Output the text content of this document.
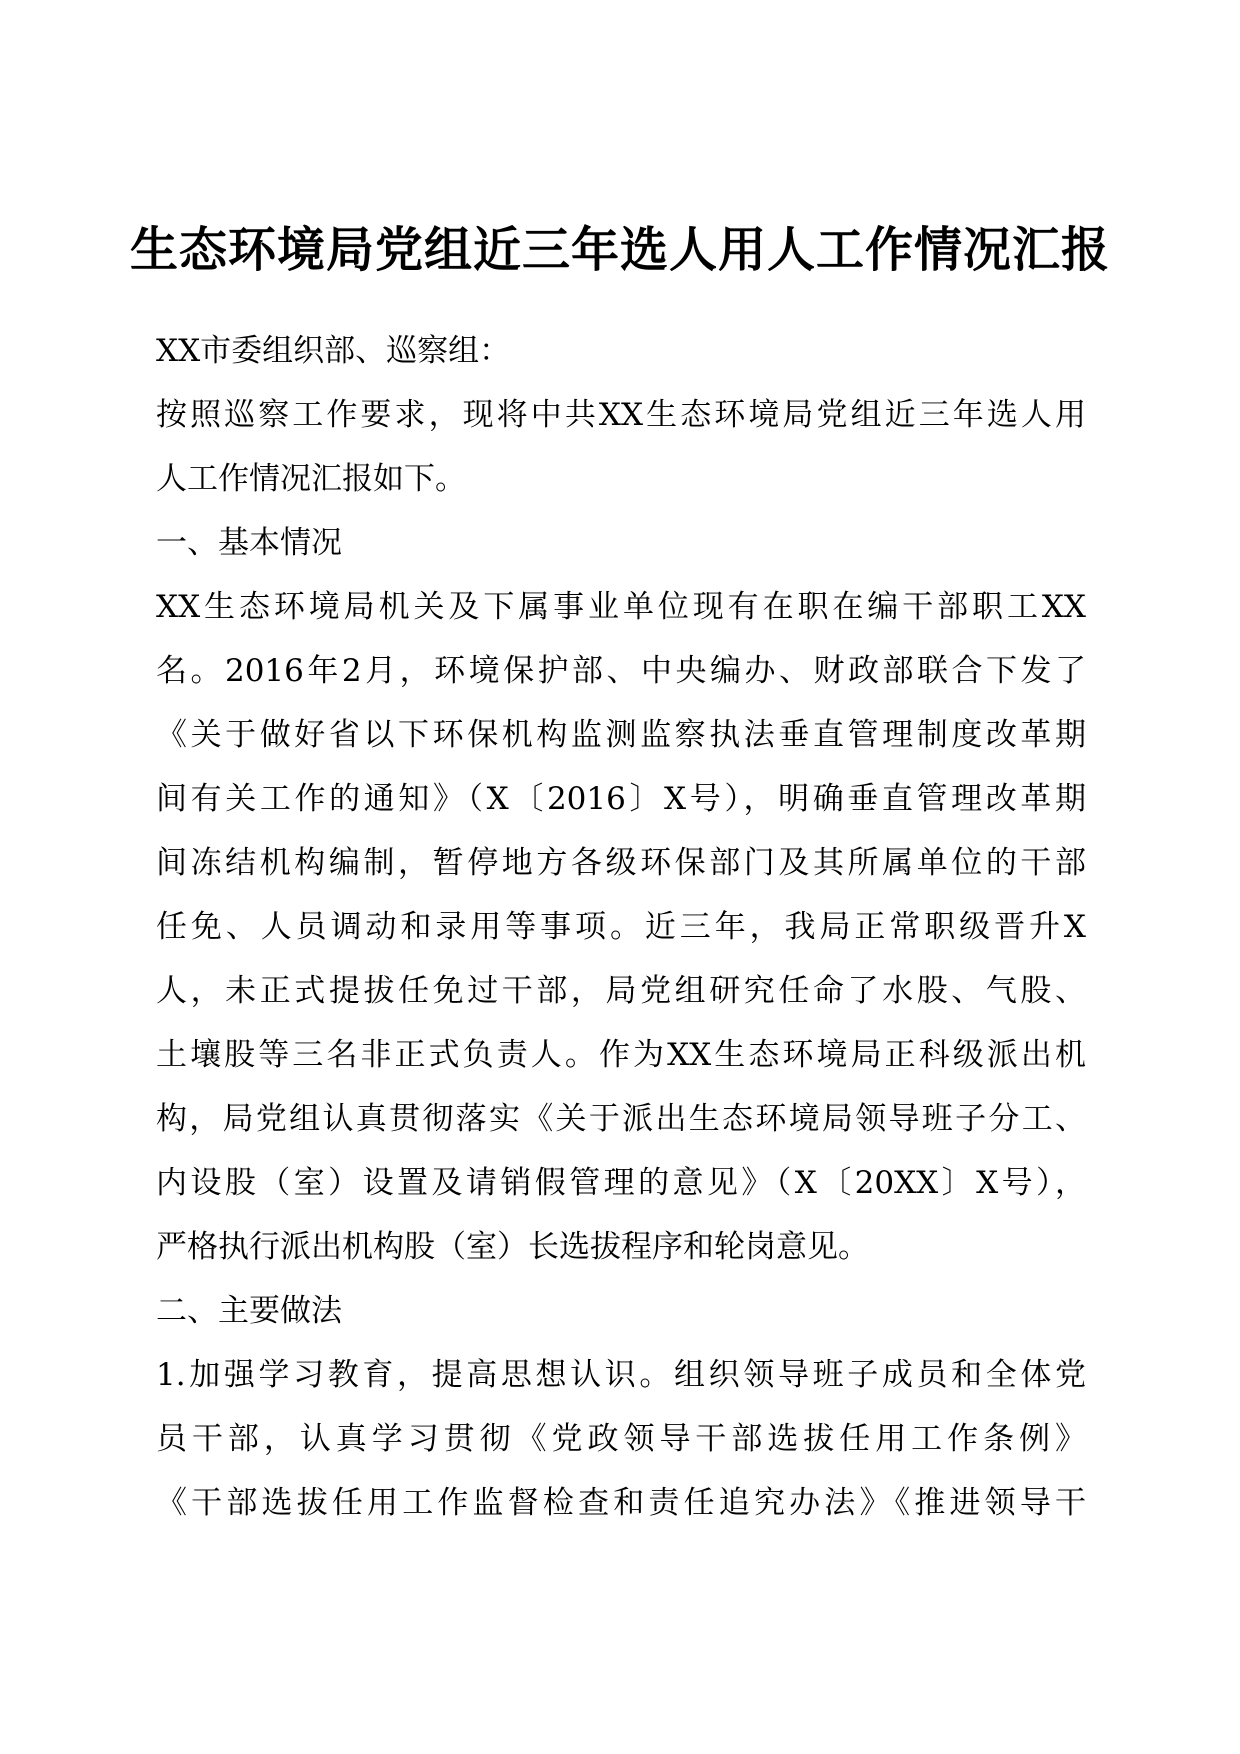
生态环境局党组近三年选人用人工作情况汇报
XX市委组织部、巡察组：
按照巡察工作要求，现将中共XX生态环境局党组近三年选人用
人工作情况汇报如下。
一、基本情况
XX生态环境局机关及下属事业单位现有在职在编干部职工XX
名。2016年2月，环境保护部、中央编办、财政部联合下发了
《关于做好省以下环保机构监测监察执法垂直管理制度改革期
间有关工作的通知》（X〔2016〕X号），明确垂直管理改革期
间冻结机构编制，暂停地方各级环保部门及其所属单位的干部
任免、人员调动和录用等事项。近三年，我局正常职级晋升X
人，未正式提拔任免过干部，局党组研究任命了水股、气股、
土壤股等三名非正式负责人。作为XX生态环境局正科级派出机
构，局党组认真贯彻落实《关于派出生态环境局领导班子分工、
内设股（室）设置及请销假管理的意见》（X〔20XX〕X号），
严格执行派出机构股（室）长选拔程序和轮岗意见。
二、主要做法
1.加强学习教育，提高思想认识。组织领导班子成员和全体党
员干部，认真学习贯彻《党政领导干部选拔任用工作条例》
《干部选拔任用工作监督检查和责任追究办法》《推进领导干
